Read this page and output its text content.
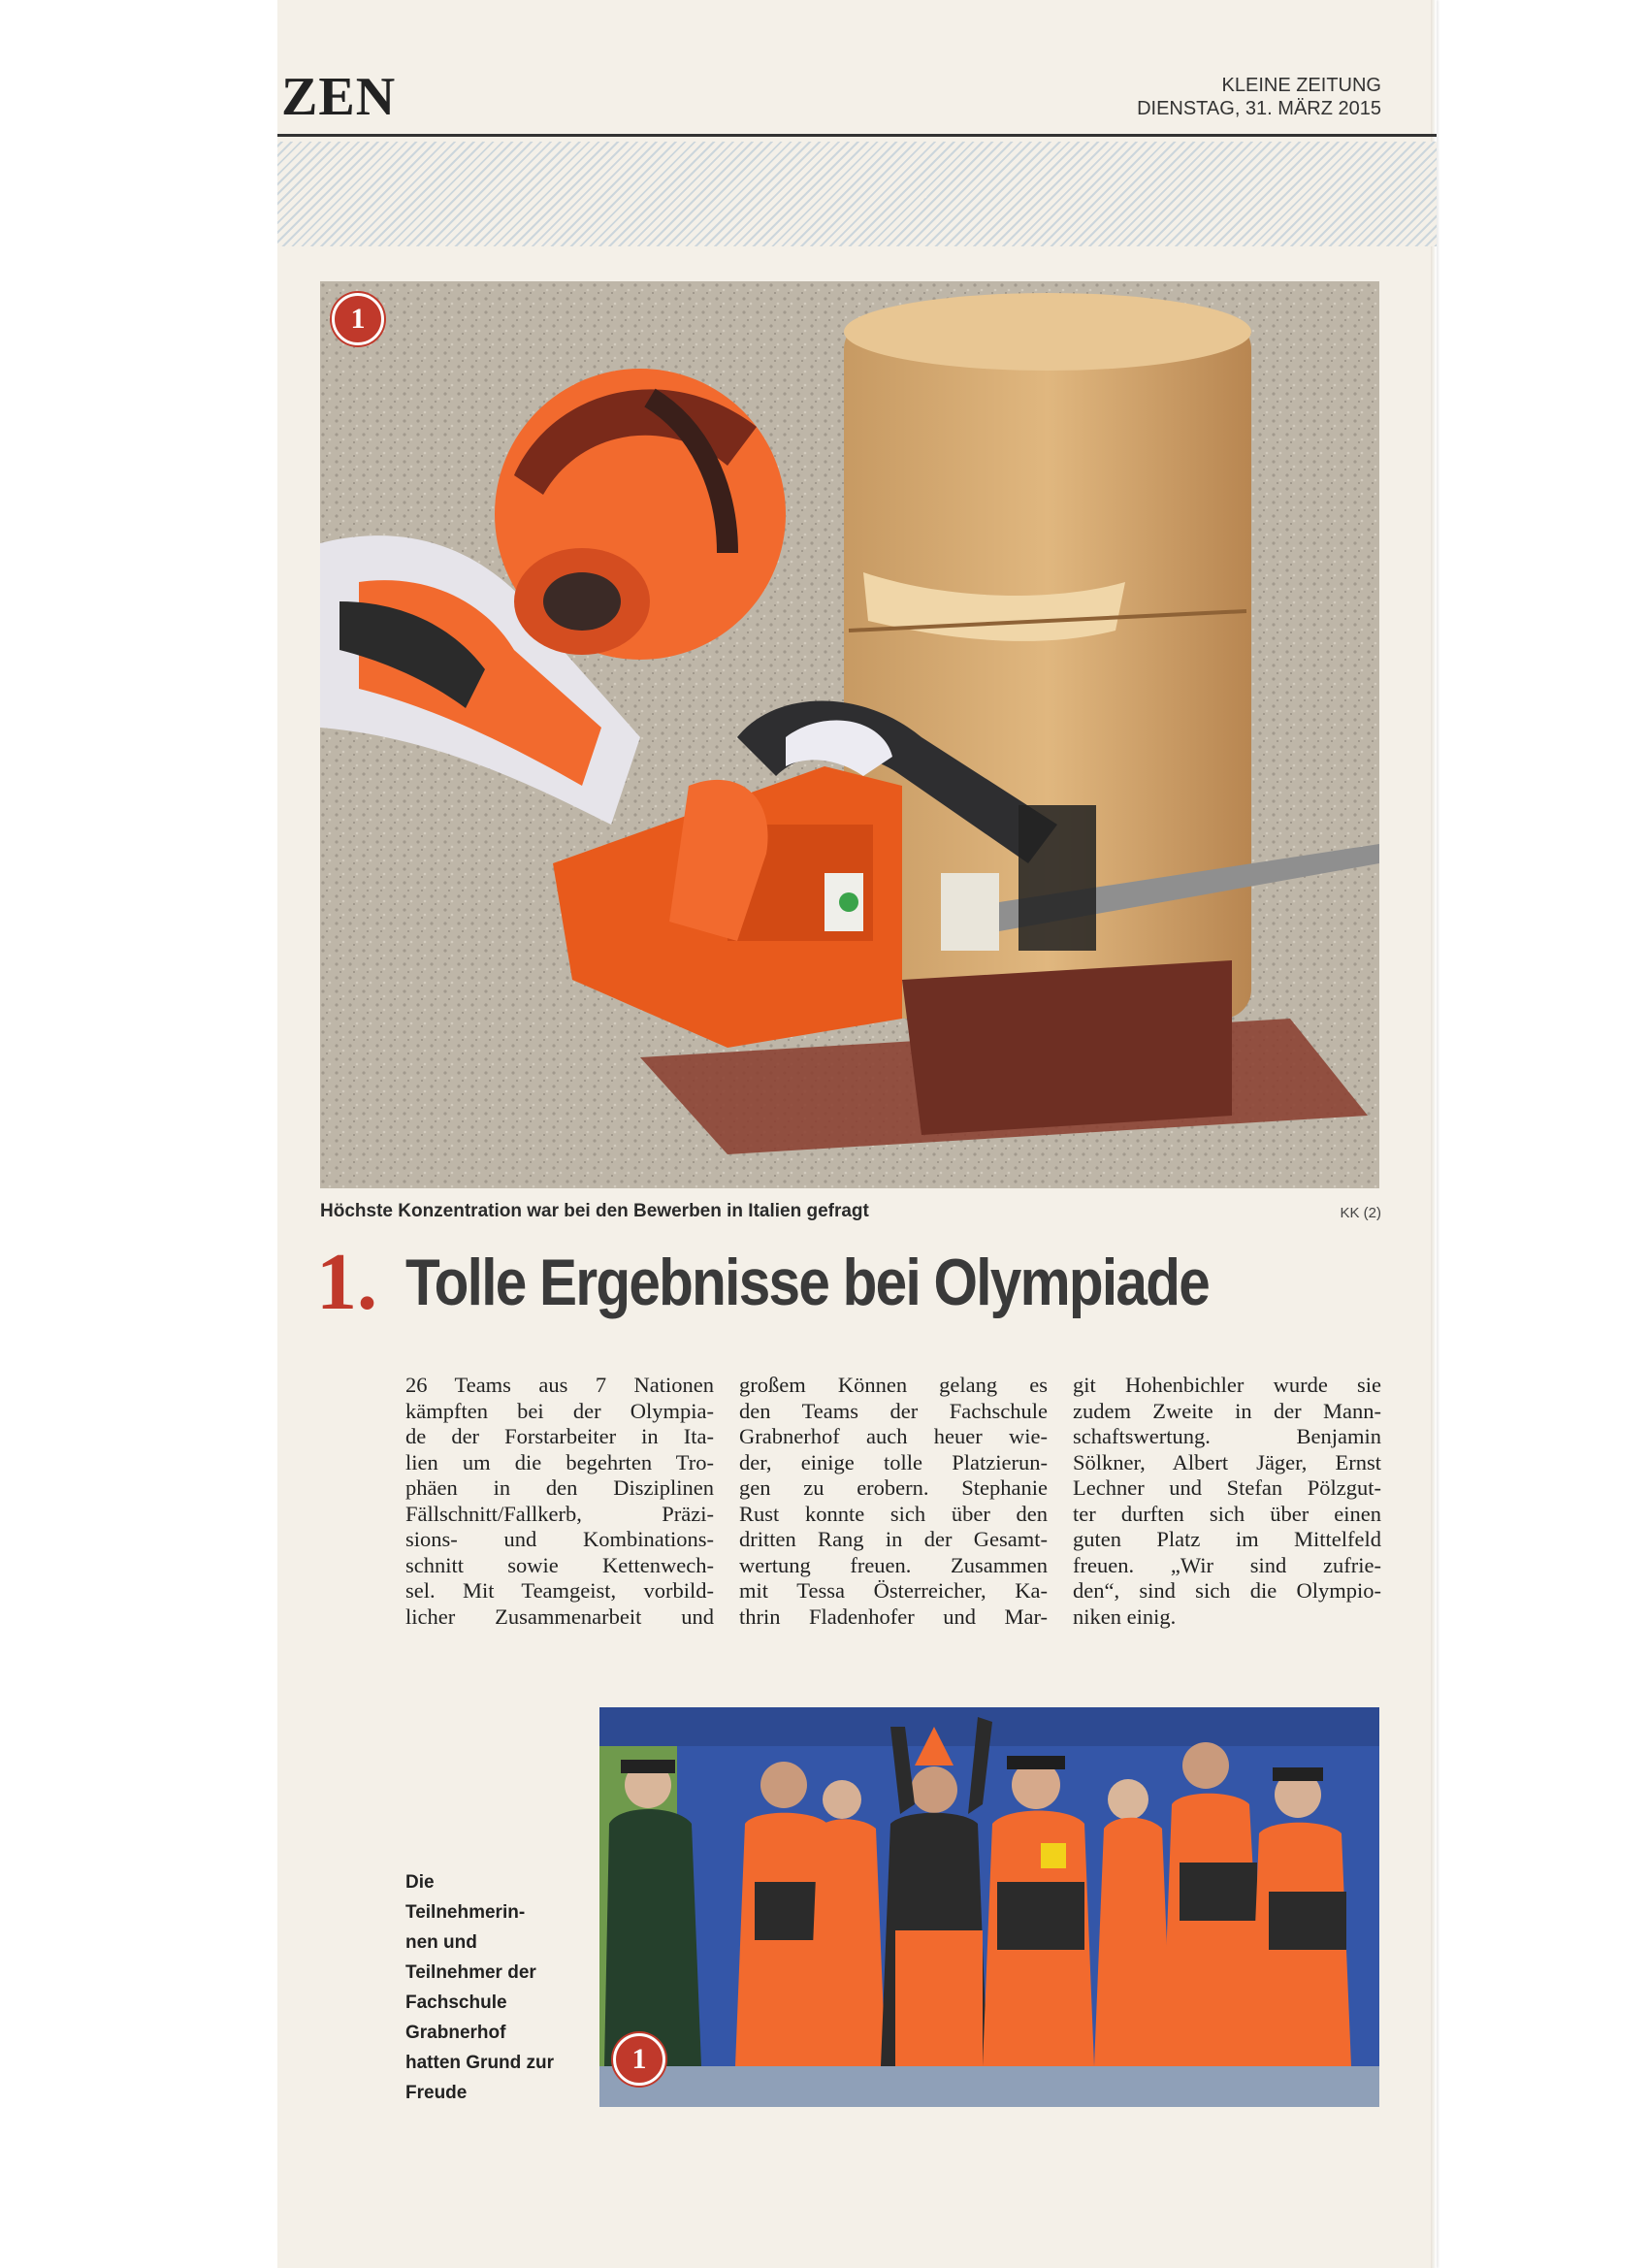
ZEN	KLEINE ZEITUNG
DIENSTAG, 31. MÄRZ 2015
1

Höchste Konzentration war bei den Bewerben in Italien gefragt	KK (2)
1. Tolle Ergebnisse bei Olympiade
26 Teams aus 7 Nationen
kämpften bei der Olympia-
de der Forstarbeiter in Ita-
lien um die begehrten Tro-
phäen in den Disziplinen
Fällschnitt/Fallkerb, Präzi-
sions- und Kombinations-
schnitt sowie Kettenwech-
sel. Mit Teamgeist, vorbild-
licher Zusammenarbeit und
großem Können gelang es
den Teams der Fachschule
Grabnerhof auch heuer wie-
der, einige tolle Platzierun-
gen zu erobern. Stephanie
Rust konnte sich über den
dritten Rang in der Gesamt-
wertung freuen. Zusammen
mit Tessa Österreicher, Ka-
thrin Fladenhofer und Mar-
git Hohenbichler wurde sie
zudem Zweite in der Mann-
schaftswertung. Benjamin
Sölkner, Albert Jäger, Ernst
Lechner und Stefan Pölzgut-
ter durften sich über einen
guten Platz im Mittelfeld
freuen. „Wir sind zufrie-
den“, sind sich die Olympio-
niken einig.
1

Die
Teilnehmerin-
nen und
Teilnehmer der
Fachschule
Grabnerhof
hatten Grund zur
Freude
